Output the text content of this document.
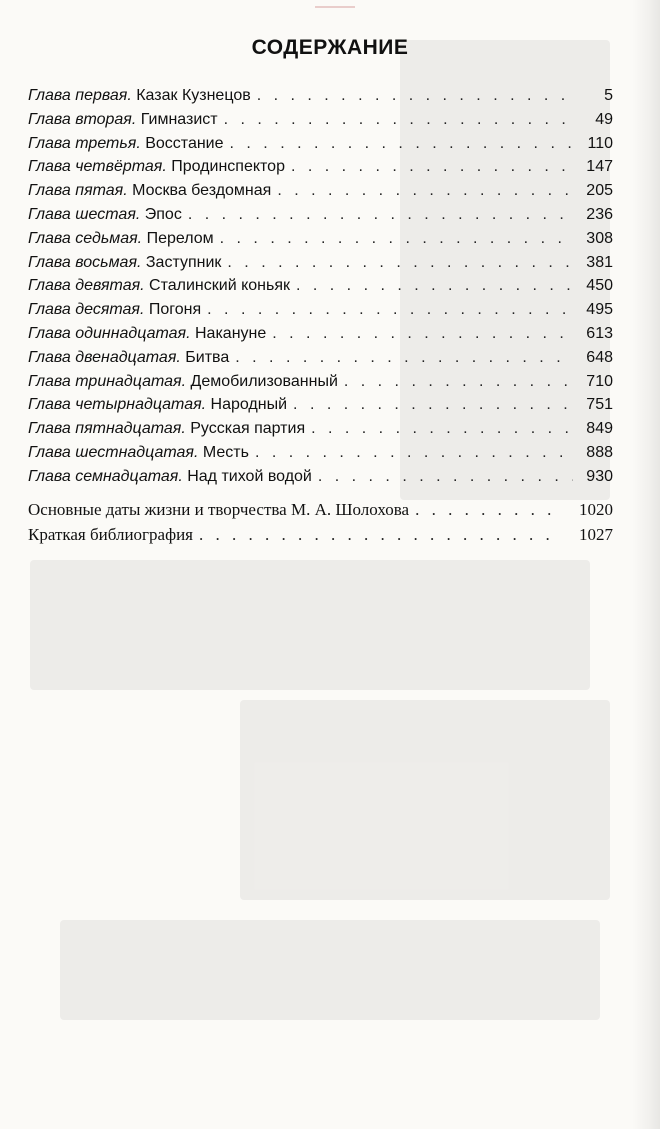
СОДЕРЖАНИЕ
Глава первая. Казак Кузнецов . . .	5
Глава вторая. Гимназист . . .	49
Глава третья. Восстание . . .	110
Глава четвёртая. Продинспектор . . .	147
Глава пятая. Москва бездомная . . .	205
Глава шестая. Эпос . . .	236
Глава седьмая. Перелом . . .	308
Глава восьмая. Заступник . . .	381
Глава девятая. Сталинский коньяк . . .	450
Глава десятая. Погоня . . .	495
Глава одиннадцатая. Накануне . . .	613
Глава двенадцатая. Битва . . .	648
Глава тринадцатая. Демобилизованный . . .	710
Глава четырнадцатая. Народный . . .	751
Глава пятнадцатая. Русская партия . . .	849
Глава шестнадцатая. Месть . . .	888
Глава семнадцатая. Над тихой водой . . .	930
Основные даты жизни и творчества М. А. Шолохова . . .	1020
Краткая библиография . . .	1027
